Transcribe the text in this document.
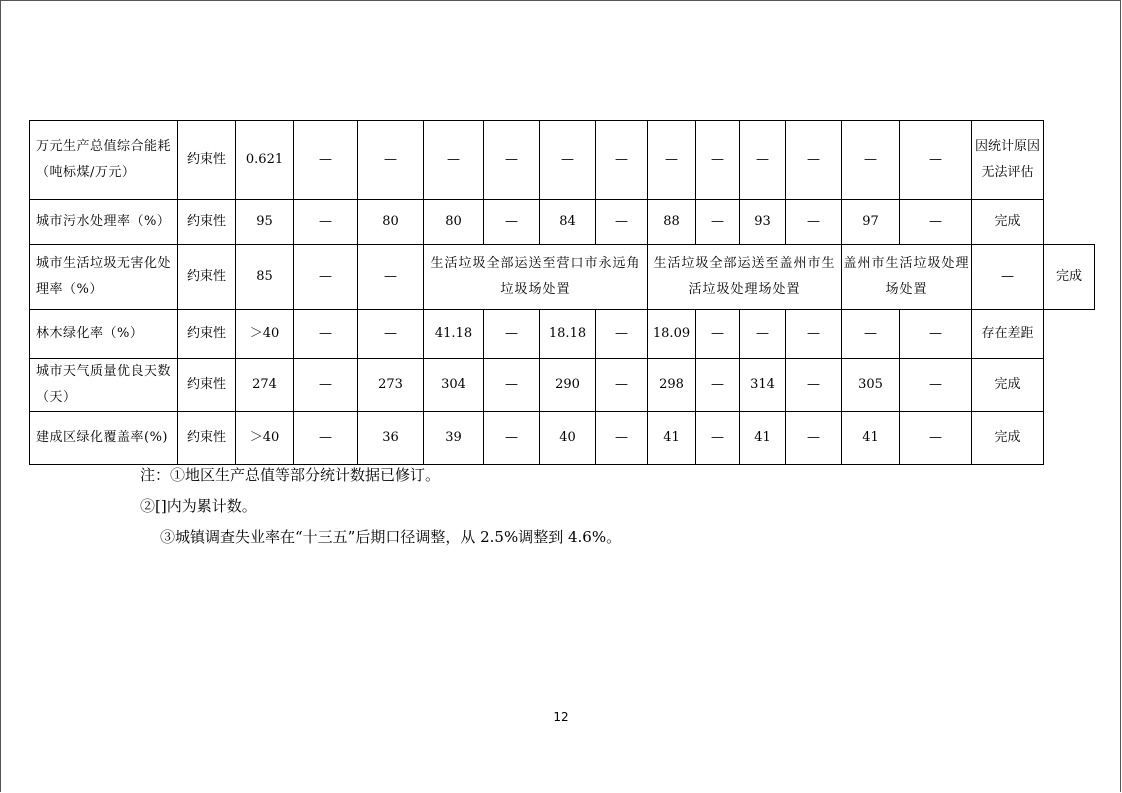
万元生产总值综合能耗（吨标煤/万元）	约束性	0.621	—	—	—	—	—	—	—	—	—	—	—	—	因统计原因无法评估	
城市污水处理率（%）	约束性	95	—	80	80	—	84	—	88	—	93	—	97	—	完成	
城市生活垃圾无害化处理率（%）	约束性	85	—	—	生活垃圾全部运送至营口市永远角垃圾场处置				生活垃圾全部运送至盖州市生活垃圾处理场处置				盖州市生活垃圾处理场处置		—	完成
林木绿化率（%）	约束性	＞40	—	—	41.18	—	18.18	—	18.09	—	—	—	—	—	存在差距	
城市天气质量优良天数（天）	约束性	274	—	273	304	—	290	—	298	—	314	—	305	—	完成	
建成区绿化覆盖率(%)	约束性	＞40	—	36	39	—	40	—	41	—	41	—	41	—	完成	
注：①地区生产总值等部分统计数据已修订。
②[]内为累计数。
③城镇调查失业率在“十三五”后期口径调整，从 2.5%调整到 4.6%。
12
